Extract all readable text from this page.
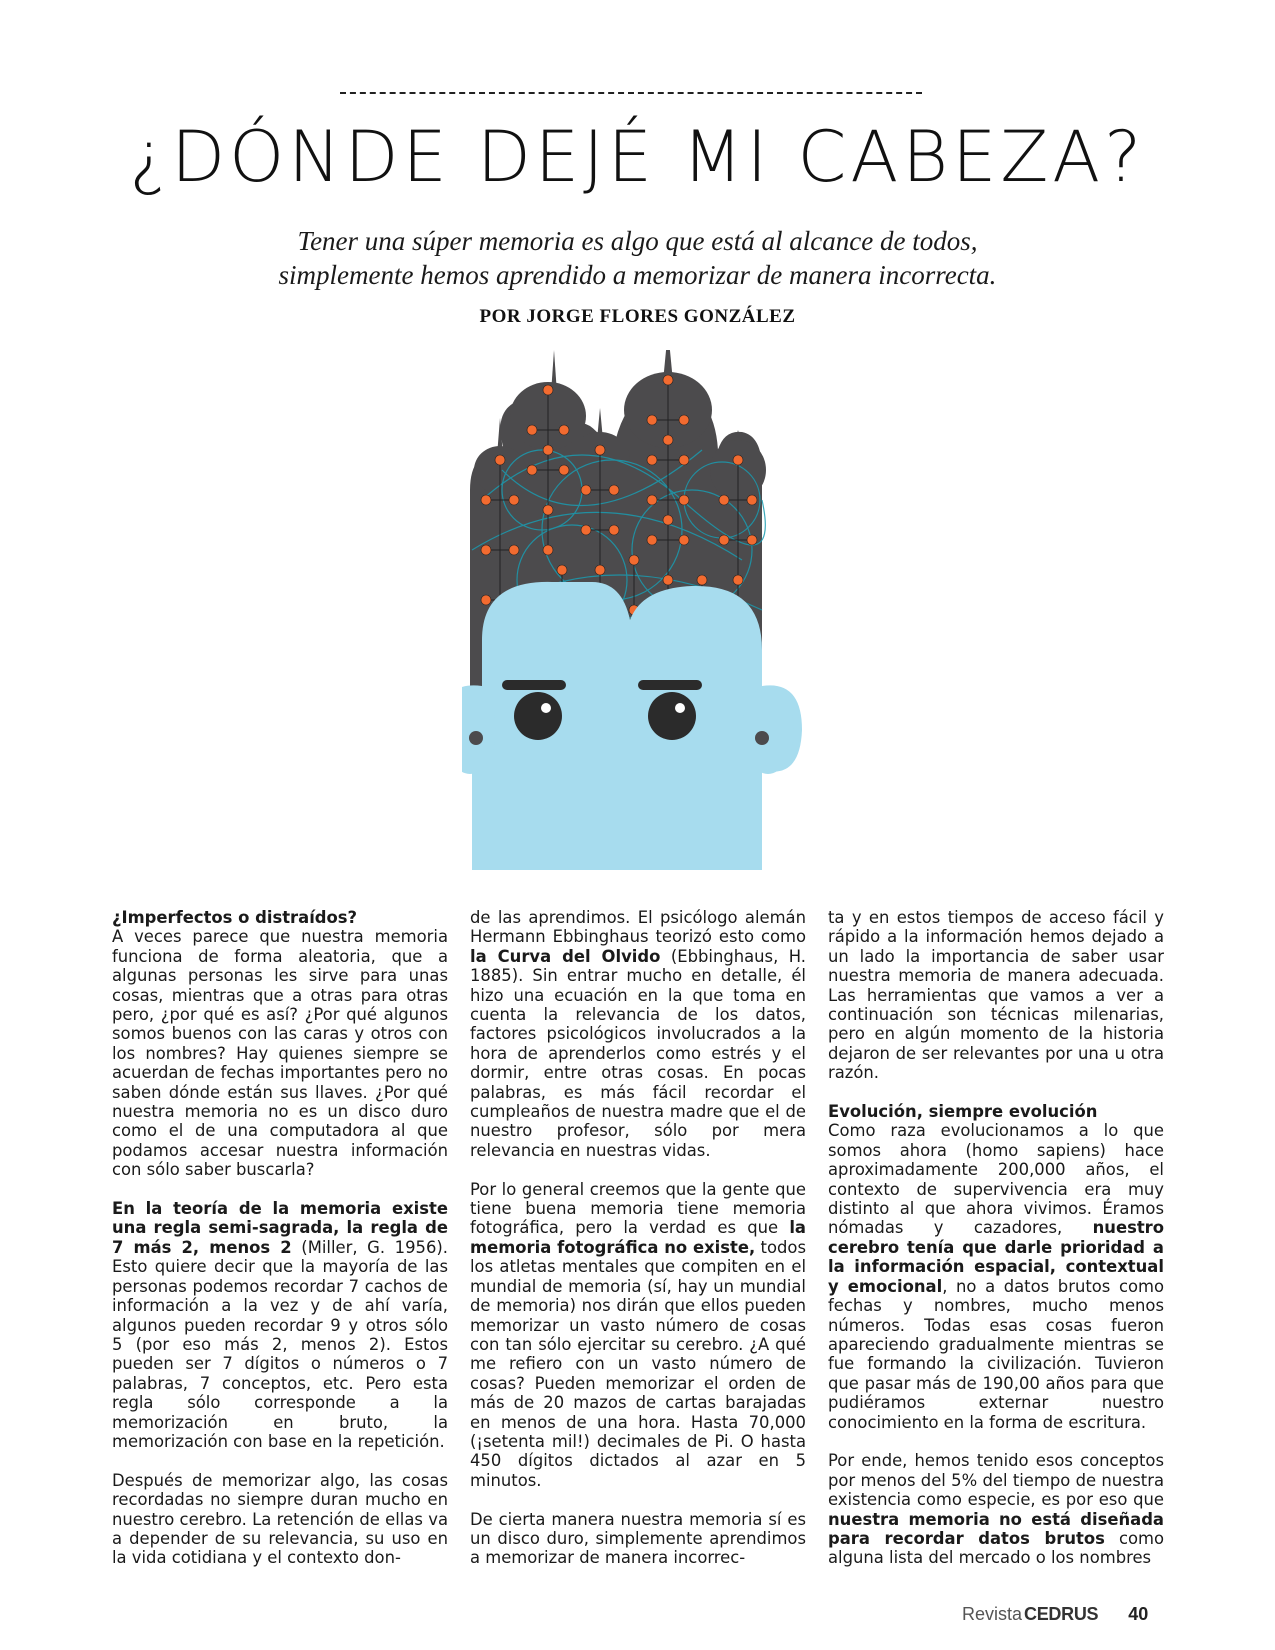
¿DÓNDE DEJÉ MI CABEZA?
Tener una súper memoria es algo que está al alcance de todos,
simplemente hemos aprendido a memorizar de manera incorrecta.
POR JORGE FLORES GONZÁLEZ
¿Imperfectos o distraídos?

A veces parece que nuestra memoria funciona de forma aleatoria, que a algunas personas les sirve para unas cosas, mientras que a otras para otras pero, ¿por qué es así? ¿Por qué algunos somos buenos con las caras y otros con los nombres? Hay quienes siempre se acuerdan de fechas importantes pero no saben dónde están sus llaves. ¿Por qué nuestra memoria no es un disco duro como el de una computadora al que podamos accesar nuestra información con sólo saber buscarla?

En la teoría de la memoria existe una regla semi-sagrada, la regla de 7 más 2, menos 2 (Miller, G. 1956). Esto quiere decir que la mayoría de las personas podemos recordar 7 cachos de información a la vez y de ahí varía, algunos pueden recordar 9 y otros sólo 5 (por eso más 2, menos 2). Estos pueden ser 7 dígitos o números o 7 palabras, 7 conceptos, etc. Pero esta regla sólo corresponde a la memorización en bruto, la memorización con base en la repetición.

Después de memorizar algo, las cosas recordadas no siempre duran mucho en nuestro cerebro. La retención de ellas va a depender de su relevancia, su uso en la vida cotidiana y el contexto don-

de las aprendimos. El psicólogo alemán Hermann Ebbinghaus teorizó esto como la Curva del Olvido (Ebbinghaus, H. 1885). Sin entrar mucho en detalle, él hizo una ecuación en la que toma en cuenta la relevancia de los datos, factores psicológicos involucrados a la hora de aprenderlos como estrés y el dormir, entre otras cosas. En pocas palabras, es más fácil recordar el cumpleaños de nuestra madre que el de nuestro profesor, sólo por mera relevancia en nuestras vidas.

Por lo general creemos que la gente que tiene buena memoria tiene memoria fotográfica, pero la verdad es que la memoria fotográfica no existe, todos los atletas mentales que compiten en el mundial de memoria (sí, hay un mundial de memoria) nos dirán que ellos pueden memorizar un vasto número de cosas con tan sólo ejercitar su cerebro. ¿A qué me refiero con un vasto número de cosas? Pueden memorizar el orden de más de 20 mazos de cartas barajadas en menos de una hora. Hasta 70,000 (¡setenta mil!) decimales de Pi. O hasta 450 dígitos dictados al azar en 5 minutos.

De cierta manera nuestra memoria sí es un disco duro, simplemente aprendimos a memorizar de manera incorrec-

ta y en estos tiempos de acceso fácil y rápido a la información hemos dejado a un lado la importancia de saber usar nuestra memoria de manera adecuada. Las herramientas que vamos a ver a continuación son técnicas milenarias, pero en algún momento de la historia dejaron de ser relevantes por una u otra razón.

Evolución, siempre evolución

Como raza evolucionamos a lo que somos ahora (homo sapiens) hace aproximadamente 200,000 años, el contexto de supervivencia era muy distinto al que ahora vivimos. Éramos nómadas y cazadores, nuestro cerebro tenía que darle prioridad a la información espacial, contextual y emocional, no a datos brutos como fechas y nombres, mucho menos números. Todas esas cosas fueron apareciendo gradualmente mientras se fue formando la civilización. Tuvieron que pasar más de 190,00 años para que pudiéramos externar nuestro conocimiento en la forma de escritura.

Por ende, hemos tenido esos conceptos por menos del 5% del tiempo de nuestra existencia como especie, es por eso que nuestra memoria no está diseñada para recordar datos brutos como alguna lista del mercado o los nombres

Revista CEDRUS 40
